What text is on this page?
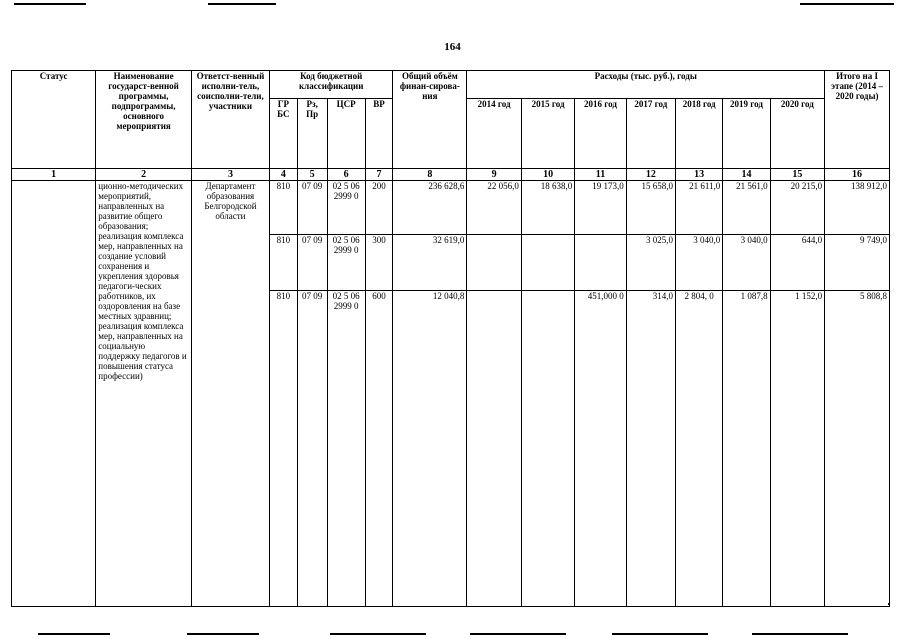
164
Статус	Наименование государст-венной программы, подпрограммы, основного мероприятия	Ответст-венный исполни-тель, соисполни-тели, участники	Код бюджетной классификации				Общий объём финан-сирова-ния	Расходы (тыс. руб.), годы							Итого на I этапе (2014 – 2020 годы)
			ГР БС	Рз, Пр	ЦСР	ВР		2014 год	2015 год	2016 год	2017 год	2018 год	2019 год	2020 год	
1	2	3	4	5	6	7	8	9	10	11	12	13	14	15	16
	ционно-методических мероприятий, направленных на развитие общего образования; реализация комплекса мер, направленных на создание условий сохранения и укрепления здоровья педагоги-ческих работников, их оздоровления на базе местных здравниц; реализация комплекса мер, направленных на социальную поддержку педагогов и повышения статуса профессии)	Департамент образования Белгородской области	810	07 09	02 5 06 2999 0	200	236 628,6	22 056,0	18 638,0	19 173,0	15 658,0	21 611,0	21 561,0	20 215,0	138 912,0
			810	07 09	02 5 06 2999 0	300	32 619,0				3 025,0	3 040,0	3 040,0	644,0	9 749,0
			810	07 09	02 5 06 2999 0	600	12 040,8			451,000 0	314,0	2 804, 0	1 087,8	1 152,0	5 808,8
